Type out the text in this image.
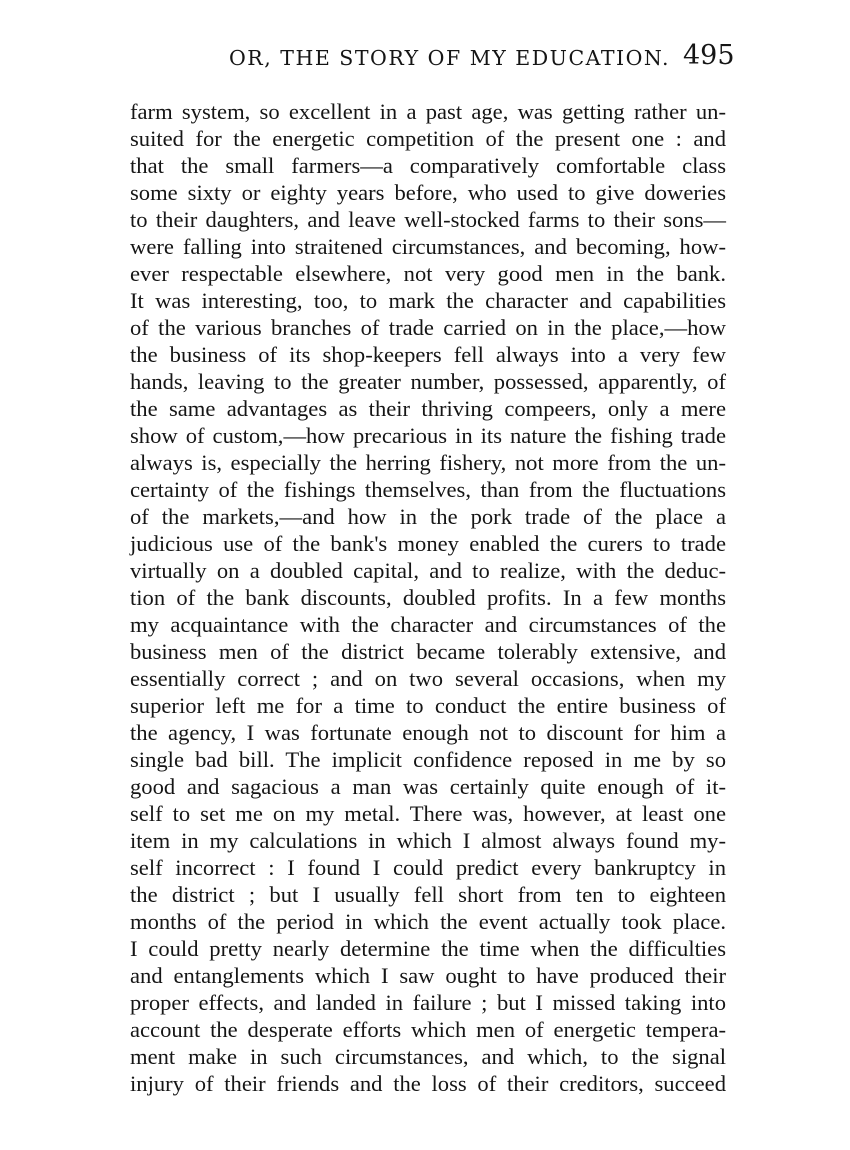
OR, THE STORY OF MY EDUCATION. 495
farm system, so excellent in a past age, was getting rather un-
suited for the energetic competition of the present one : and
that the small farmers—a comparatively comfortable class
some sixty or eighty years before, who used to give doweries
to their daughters, and leave well-stocked farms to their sons—
were falling into straitened circumstances, and becoming, how-
ever respectable elsewhere, not very good men in the bank.
It was interesting, too, to mark the character and capabilities
of the various branches of trade carried on in the place,—how
the business of its shop-keepers fell always into a very few
hands, leaving to the greater number, possessed, apparently, of
the same advantages as their thriving compeers, only a mere
show of custom,—how precarious in its nature the fishing trade
always is, especially the herring fishery, not more from the un-
certainty of the fishings themselves, than from the fluctuations
of the markets,—and how in the pork trade of the place a
judicious use of the bank's money enabled the curers to trade
virtually on a doubled capital, and to realize, with the deduc-
tion of the bank discounts, doubled profits. In a few months
my acquaintance with the character and circumstances of the
business men of the district became tolerably extensive, and
essentially correct ; and on two several occasions, when my
superior left me for a time to conduct the entire business of
the agency, I was fortunate enough not to discount for him a
single bad bill. The implicit confidence reposed in me by so
good and sagacious a man was certainly quite enough of it-
self to set me on my metal. There was, however, at least one
item in my calculations in which I almost always found my-
self incorrect : I found I could predict every bankruptcy in
the district ; but I usually fell short from ten to eighteen
months of the period in which the event actually took place.
I could pretty nearly determine the time when the difficulties
and entanglements which I saw ought to have produced their
proper effects, and landed in failure ; but I missed taking into
account the desperate efforts which men of energetic tempera-
ment make in such circumstances, and which, to the signal
injury of their friends and the loss of their creditors, succeed
